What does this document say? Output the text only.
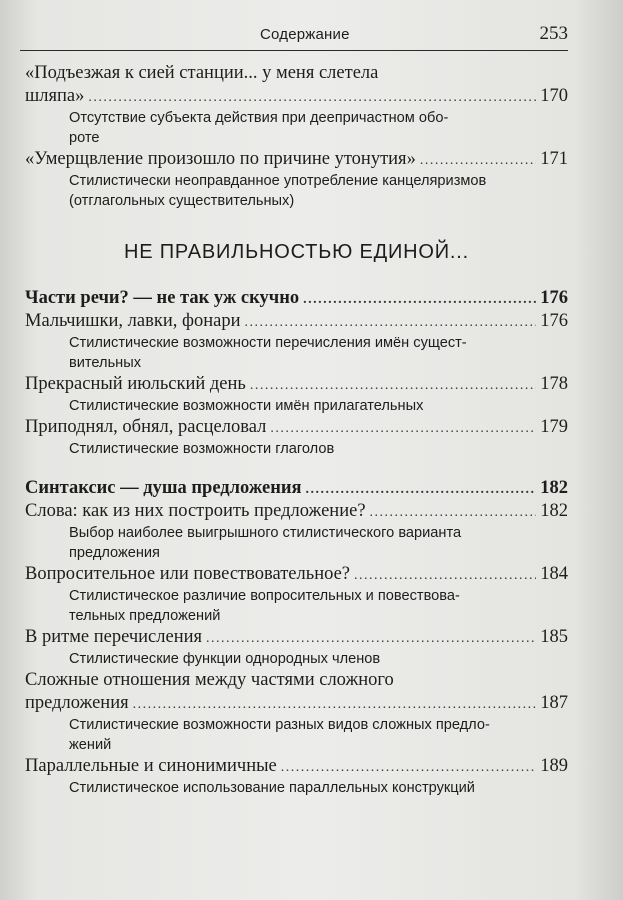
Содержание	253
«Подъезжая к сией станции... у меня слетела
шляпа» .....	170
Отсутствие субъекта действия при деепричастном обо-
роте
«Умерщвление произошло по причине утонутия» .....	171
Стилистически неоправданное употребление канцеляризмов
(отглагольных существительных)
НЕ ПРАВИЛЬНОСТЬЮ ЕДИНОЙ...
Части речи? — не так уж скучно .....	176
Мальчишки, лавки, фонари .....	176
Стилистические возможности перечисления имён сущест-
вительных
Прекрасный июльский день .....	178
Стилистические возможности имён прилагательных
Приподнял, обнял, расцеловал .....	179
Стилистические возможности глаголов
Синтаксис — душа предложения .....	182
Слова: как из них построить предложение? .....	182
Выбор наиболее выигрышного стилистического варианта
предложения
Вопросительное или повествовательное? .....	184
Стилистическое различие вопросительных и повествова-
тельных предложений
В ритме перечисления .....	185
Стилистические функции однородных членов
Сложные отношения между частями сложного
предложения .....	187
Стилистические возможности разных видов сложных предло-
жений
Параллельные и синонимичные .....	189
Стилистическое использование параллельных конструкций
